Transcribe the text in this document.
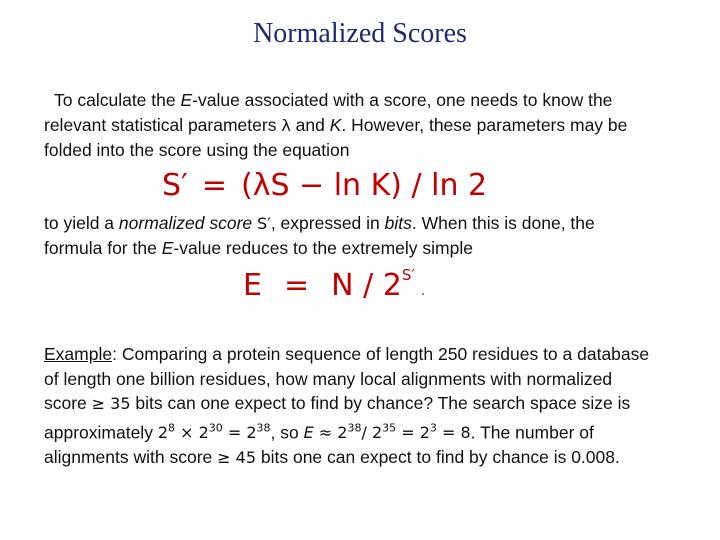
Normalized Scores
To calculate the E-value associated with a score, one needs to know the
relevant statistical parameters λ and K. However, these parameters may be
folded into the score using the equation
S′ = (λS − ln K) / ln 2
to yield a normalized score S′, expressed in bits. When this is done, the
formula for the E-value reduces to the extremely simple
$E = N / 2^{S'}$.
Example: Comparing a protein sequence of length 250 residues to a database
of length one billion residues, how many local alignments with normalized
score ≥ 35 bits can one expect to find by chance? The search space size is
approximately $2^8 \times 2^{30} = 2^{38}$, so $E \approx 2^{38}/$ $2^{35} = 2^3 = 8$. The number of
alignments with score ≥ 45 bits one can expect to find by chance is 0.008.
